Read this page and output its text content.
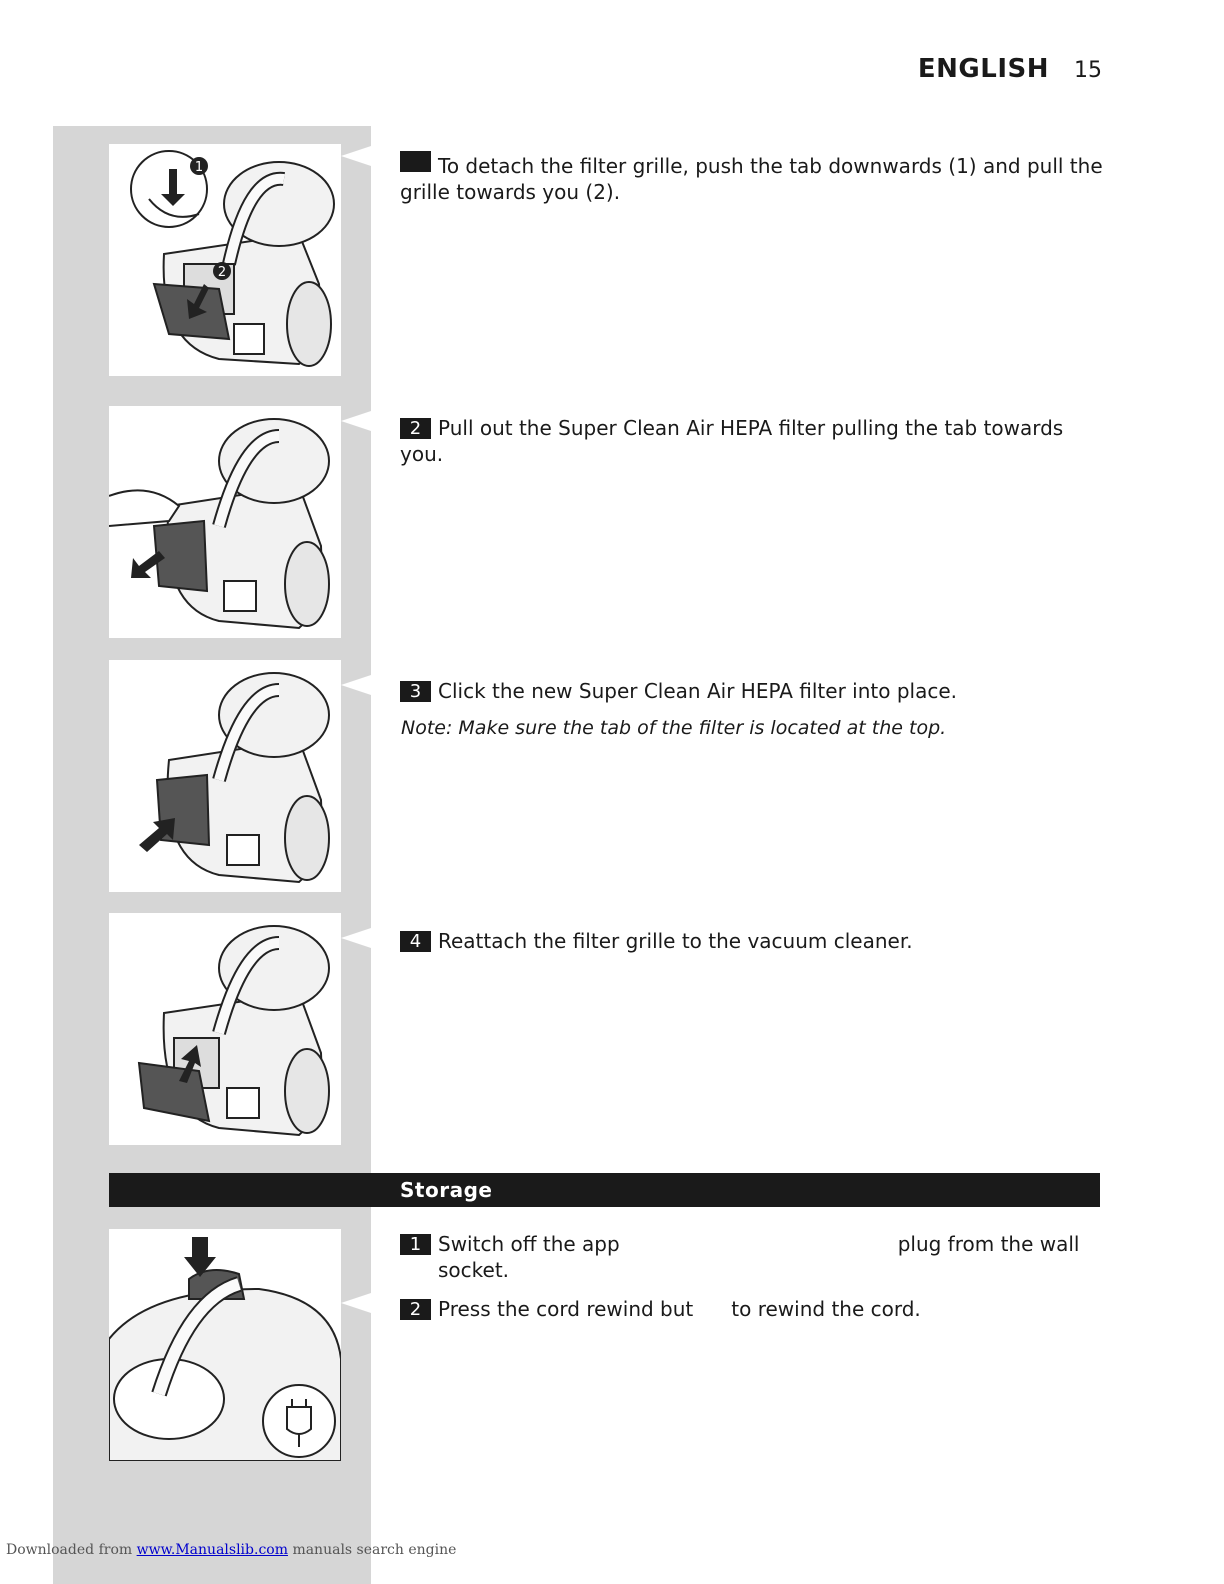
ENGLISH 15
1
2
To detach the filter grille, push the tab downwards (1) and pull the grille towards you (2).
2 Pull out the Super Clean Air HEPA filter pulling the tab towards you.
3 Click the new Super Clean Air HEPA filter into place.
Note: Make sure the tab of the filter is located at the top.
4 Reattach the filter grille to the vacuum cleaner.
Storage
1 Switch off the app	plug from the wall
socket.
2 Press the cord rewind but to rewind the cord.
Downloaded from www.Manualslib.com manuals search engine
